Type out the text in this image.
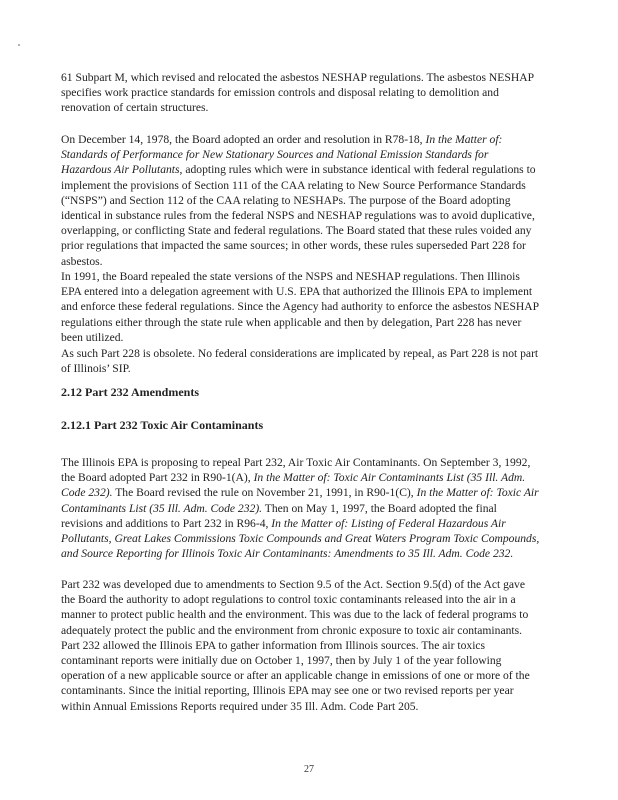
61 Subpart M, which revised and relocated the asbestos NESHAP regulations. The asbestos NESHAP specifies work practice standards for emission controls and disposal relating to demolition and renovation of certain structures.

On December 14, 1978, the Board adopted an order and resolution in R78-18, In the Matter of: Standards of Performance for New Stationary Sources and National Emission Standards for Hazardous Air Pollutants, adopting rules which were in substance identical with federal regulations to implement the provisions of Section 111 of the CAA relating to New Source Performance Standards (“NSPS”) and Section 112 of the CAA relating to NESHAPs. The purpose of the Board adopting identical in substance rules from the federal NSPS and NESHAP regulations was to avoid duplicative, overlapping, or conflicting State and federal regulations. The Board stated that these rules voided any prior regulations that impacted the same sources; in other words, these rules superseded Part 228 for asbestos.

In 1991, the Board repealed the state versions of the NSPS and NESHAP regulations. Then Illinois EPA entered into a delegation agreement with U.S. EPA that authorized the Illinois EPA to implement and enforce these federal regulations. Since the Agency had authority to enforce the asbestos NESHAP regulations either through the state rule when applicable and then by delegation, Part 228 has never been utilized.

As such Part 228 is obsolete. No federal considerations are implicated by repeal, as Part 228 is not part of Illinois’ SIP.

2.12 Part 232 Amendments
2.12.1 Part 232 Toxic Air Contaminants

The Illinois EPA is proposing to repeal Part 232, Air Toxic Air Contaminants. On September 3, 1992, the Board adopted Part 232 in R90-1(A), In the Matter of: Toxic Air Contaminants List (35 Ill. Adm. Code 232). The Board revised the rule on November 21, 1991, in R90-1(C), In the Matter of: Toxic Air Contaminants List (35 Ill. Adm. Code 232). Then on May 1, 1997, the Board adopted the final revisions and additions to Part 232 in R96-4, In the Matter of: Listing of Federal Hazardous Air Pollutants, Great Lakes Commissions Toxic Compounds and Great Waters Program Toxic Compounds, and Source Reporting for Illinois Toxic Air Contaminants: Amendments to 35 Ill. Adm. Code 232.

Part 232 was developed due to amendments to Section 9.5 of the Act. Section 9.5(d) of the Act gave the Board the authority to adopt regulations to control toxic contaminants released into the air in a manner to protect public health and the environment. This was due to the lack of federal programs to adequately protect the public and the environment from chronic exposure to toxic air contaminants. Part 232 allowed the Illinois EPA to gather information from Illinois sources. The air toxics contaminant reports were initially due on October 1, 1997, then by July 1 of the year following operation of a new applicable source or after an applicable change in emissions of one or more of the contaminants. Since the initial reporting, Illinois EPA may see one or two revised reports per year within Annual Emissions Reports required under 35 Ill. Adm. Code Part 205.

27
